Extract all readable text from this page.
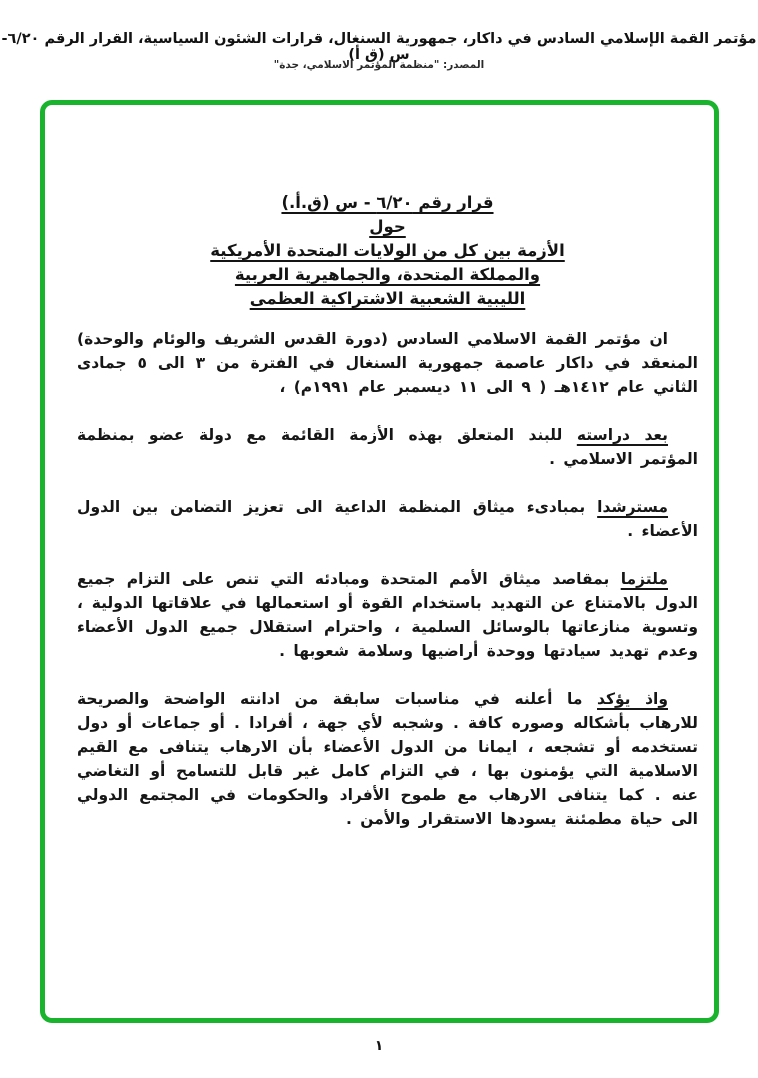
مؤتمر القمة الإسلامي السادس في داكار، جمهورية السنغال، قرارات الشئون السياسية، القرار الرقم ٦/٢٠-س (ق أ)
المصدر: "منظمة المؤتمر الاسلامي، جدة"
قرار رقم ٦/٢٠ - س (ق.أ.)
حول
الأزمة بين كل من الولايات المتحدة الأمريكية
والمملكة المتحدة، والجماهيرية العربية
الليبية الشعبية الاشتراكية العظمى

ان مؤتمر القمة الاسلامي السادس (دورة القدس الشريف والوئام والوحدة) المنعقد في داكار عاصمة جمهورية السنغال في الفترة من ٣ الى ٥ جمادى الثاني عام ١٤١٢هـ ( ٩ الى ١١ ديسمبر عام ١٩٩١م) ،

بعد دراسته للبند المتعلق بهذه الأزمة القائمة مع دولة عضو بمنظمة المؤتمر الاسلامي .

مسترشدا بمبادىء ميثاق المنظمة الداعية الى تعزيز التضامن بين الدول الأعضاء .

ملتزما بمقاصد ميثاق الأمم المتحدة ومبادئه التي تنص على التزام جميع الدول بالامتناع عن التهديد باستخدام القوة أو استعمالها في علاقاتها الدولية ، وتسوية منازعاتها بالوسائل السلمية ، واحترام استقلال جميع الدول الأعضاء وعدم تهديد سيادتها ووحدة أراضيها وسلامة شعوبها .

واذ يؤكد ما أعلنه في مناسبات سابقة من ادانته الواضحة والصريحة للارهاب بأشكاله وصوره كافة . وشجبه لأي جهة ، أفرادا . أو جماعات أو دول تستخدمه أو تشجعه ، ايمانا من الدول الأعضاء بأن الارهاب يتنافى مع القيم الاسلامية التي يؤمنون بها ، في التزام كامل غير قابل للتسامح أو التغاضي عنه . كما يتنافى الارهاب مع طموح الأفراد والحكومات في المجتمع الدولي الى حياة مطمئنة يسودها الاستقرار والأمن .

١
